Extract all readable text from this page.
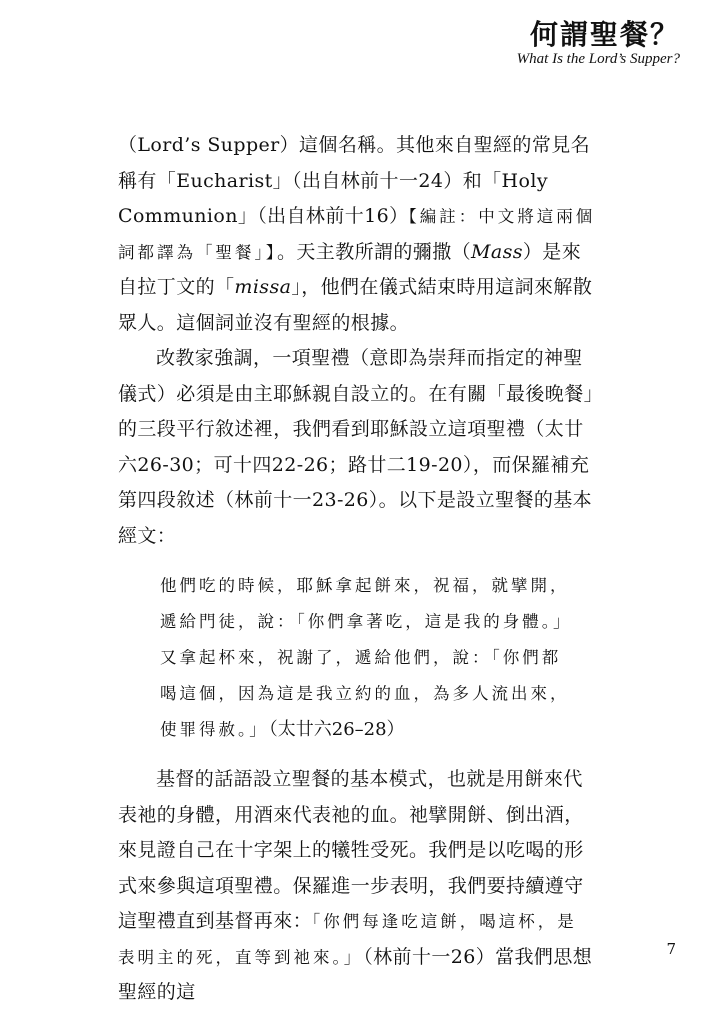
何謂聖餐？
What Is the Lord’s Supper?

（Lord’s Supper）這個名稱。其他來自聖經的常見名稱有「Eucharist」（出自林前十一24）和「Holy Communion」（出自林前十16）【編註：中文將這兩個詞都譯為「聖餐」】。天主教所謂的彌撒（Mass）是來自拉丁文的「missa」，他們在儀式結束時用這詞來解散眾人。這個詞並沒有聖經的根據。

改教家強調，一項聖禮（意即為崇拜而指定的神聖儀式）必須是由主耶穌親自設立的。在有關「最後晚餐」的三段平行敘述裡，我們看到耶穌設立這項聖禮（太廿六26-30；可十四22-26；路廿二19-20），而保羅補充第四段敘述（林前十一23-26）。以下是設立聖餐的基本經文：

他們吃的時候，耶穌拿起餅來，祝福，就擘開，遞給門徒，說：「你們拿著吃，這是我的身體。」又拿起杯來，祝謝了，遞給他們，說：「你們都喝這個，因為這是我立約的血，為多人流出來，使罪得赦。」（太廿六26–28）

基督的話語設立聖餐的基本模式，也就是用餅來代表祂的身體，用酒來代表祂的血。祂擘開餅、倒出酒，來見證自己在十字架上的犧牲受死。我們是以吃喝的形式來參與這項聖禮。保羅進一步表明，我們要持續遵守這聖禮直到基督再來：「你們每逢吃這餅，喝這杯，是表明主的死，直等到祂來。」（林前十一26）當我們思想聖經的這

7
